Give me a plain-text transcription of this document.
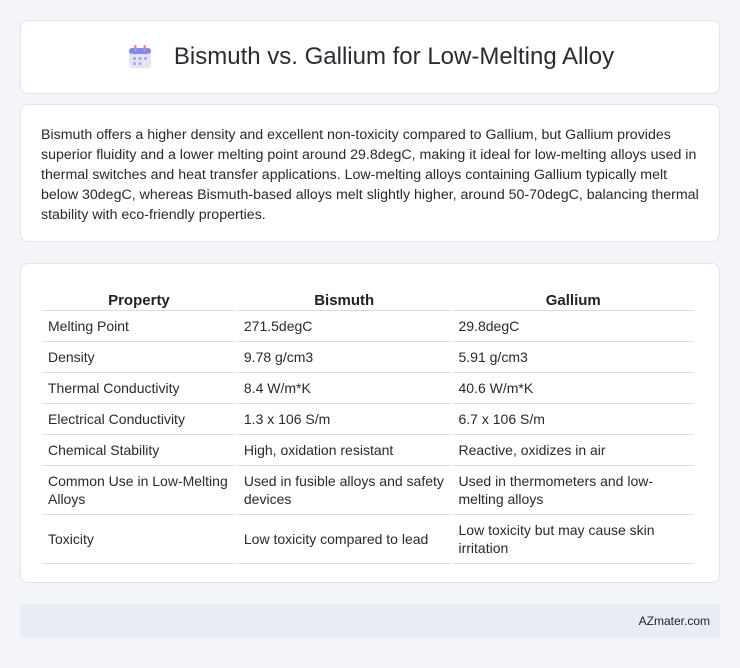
Bismuth vs. Gallium for Low-Melting Alloy

Bismuth offers a higher density and excellent non-toxicity compared to Gallium, but Gallium provides superior fluidity and a lower melting point around 29.8degC, making it ideal for low-melting alloys used in thermal switches and heat transfer applications. Low-melting alloys containing Gallium typically melt below 30degC, whereas Bismuth-based alloys melt slightly higher, around 50-70degC, balancing thermal stability with eco-friendly properties.

Property	Bismuth	Gallium
Melting Point	271.5degC	29.8degC
Density	9.78 g/cm3	5.91 g/cm3
Thermal Conductivity	8.4 W/m*K	40.6 W/m*K
Electrical Conductivity	1.3 x 106 S/m	6.7 x 106 S/m
Chemical Stability	High, oxidation resistant	Reactive, oxidizes in air
Common Use in Low-Melting Alloys	Used in fusible alloys and safety devices	Used in thermometers and low-melting alloys
Toxicity	Low toxicity compared to lead	Low toxicity but may cause skin irritation
AZmater.com
